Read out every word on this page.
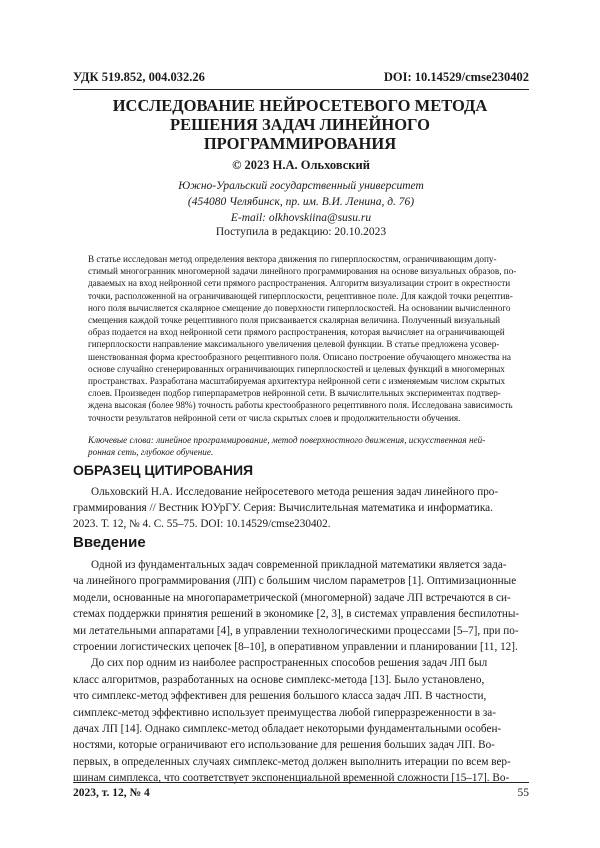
УДК 519.852, 004.032.26	DOI: 10.14529/cmse230402
ИССЛЕДОВАНИЕ НЕЙРОСЕТЕВОГО МЕТОДА
РЕШЕНИЯ ЗАДАЧ ЛИНЕЙНОГО
ПРОГРАММИРОВАНИЯ
© 2023 Н.А. Ольховский
Южно-Уральский государственный университет
(454080 Челябинск, пр. им. В.И. Ленина, д. 76)
E-mail: olkhovskiina@susu.ru
Поступила в редакцию: 20.10.2023
В статье исследован метод определения вектора движения по гиперплоскостям, ограничивающим допу-
стимый многогранник многомерной задачи линейного программирования на основе визуальных образов, по-
даваемых на вход нейронной сети прямого распространения. Алгоритм визуализации строит в окрестности
точки, расположенной на ограничивающей гиперплоскости, рецептивное поле. Для каждой точки рецептив-
ного поля вычисляется скалярное смещение до поверхности гиперплоскостей. На основании вычисленного
смещения каждой точке рецептивного поля присваивается скалярная величина. Полученный визуальный
образ подается на вход нейронной сети прямого распространения, которая вычисляет на ограничивающей
гиперплоскости направление максимального увеличения целевой функции. В статье предложена усовер-
шенствованная форма крестообразного рецептивного поля. Описано построение обучающего множества на
основе случайно сгенерированных ограничивающих гиперплоскостей и целевых функций в многомерных
пространствах. Разработана масштабируемая архитектура нейронной сети с изменяемым числом скрытых
слоев. Произведен подбор гиперпараметров нейронной сети. В вычислительных экспериментах подтвер-
ждена высокая (более 98%) точность работы крестообразного рецептивного поля. Исследована зависимость
точности результатов нейронной сети от числа скрытых слоев и продолжительности обучения.
Ключевые слова: линейное программирование, метод поверхностного движения, искусственная ней-
ронная сеть, глубокое обучение.
ОБРАЗЕЦ ЦИТИРОВАНИЯ
Ольховский Н.А. Исследование нейросетевого метода решения задач линейного про-
граммирования // Вестник ЮУрГУ. Серия: Вычислительная математика и информатика.
2023. Т. 12, № 4. С. 55–75. DOI: 10.14529/cmse230402.
Введение
Одной из фундаментальных задач современной прикладной математики является зада-
ча линейного программирования (ЛП) с большим числом параметров [1]. Оптимизационные
модели, основанные на многопараметрической (многомерной) задаче ЛП встречаются в си-
стемах поддержки принятия решений в экономике [2, 3], в системах управления беспилотны-
ми летательными аппаратами [4], в управлении технологическими процессами [5–7], при по-
строении логистических цепочек [8–10], в оперативном управлении и планировании [11, 12].
До сих пор одним из наиболее распространенных способов решения задач ЛП был
класс алгоритмов, разработанных на основе симплекс-метода [13]. Было установлено,
что симплекс-метод эффективен для решения большого класса задач ЛП. В частности,
симплекс-метод эффективно использует преимущества любой гиперразреженности в за-
дачах ЛП [14]. Однако симплекс-метод обладает некоторыми фундаментальными особен-
ностями, которые ограничивают его использование для решения больших задач ЛП. Во-
первых, в определенных случаях симплекс-метод должен выполнить итерации по всем вер-
шинам симплекса, что соответствует экспоненциальной временной сложности [15–17]. Во-
2023, т. 12, № 4	55
